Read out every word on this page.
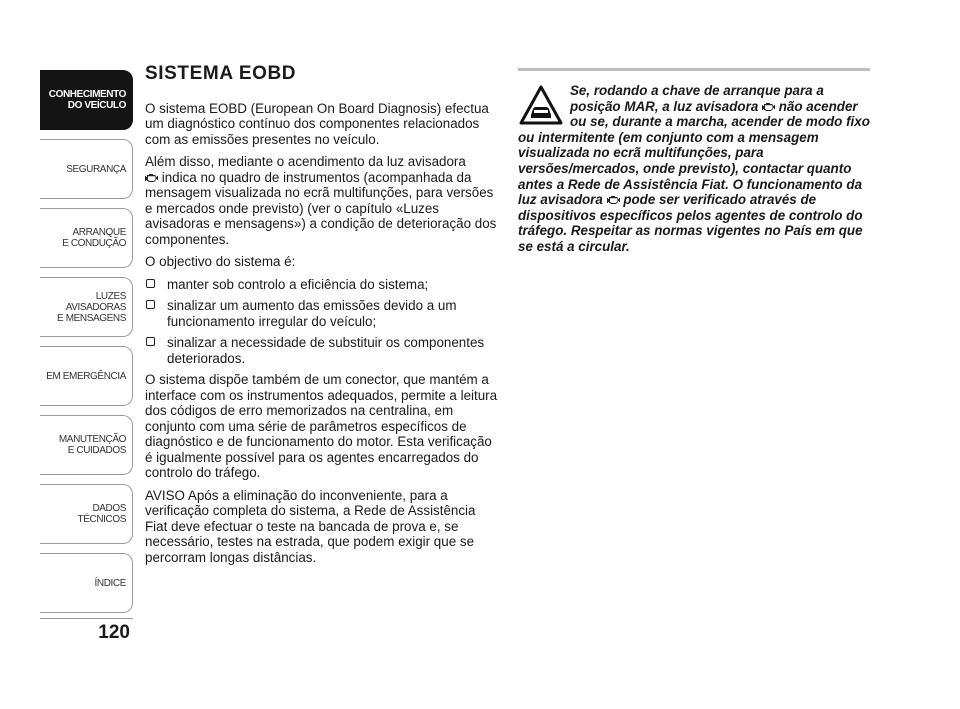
CONHECIMENTO
DO VEÍCULO
SEGURANÇA
ARRANQUE
E CONDUÇÃO
LUZES
AVISADORAS
E MENSAGENS
EM EMERGÊNCIA
MANUTENÇÃO
E CUIDADOS
DADOS
TÉCNICOS
ÍNDICE
120
SISTEMA EOBD

O sistema EOBD (European On Board Diagnosis) efectua um diagnóstico contínuo dos componentes relacionados com as emissões presentes no veículo.

Além disso, mediante o acendimento da luz avisadora
indica no quadro de instrumentos (acompanhada da mensagem visualizada no ecrã multifunções, para versões e mercados onde previsto) (ver o capítulo «Luzes avisadoras e mensagens») a condição de deterioração dos componentes.

O objectivo do sistema é:

manter sob controlo a eficiência do sistema;
sinalizar um aumento das emissões devido a um funcionamento irregular do veículo;
sinalizar a necessidade de substituir os componentes deteriorados.

O sistema dispõe também de um conector, que mantém a interface com os instrumentos adequados, permite a leitura dos códigos de erro memorizados na centralina, em conjunto com uma série de parâmetros específicos de diagnóstico e de funcionamento do motor. Esta verificação é igualmente possível para os agentes encarregados do controlo do tráfego.

AVISO Após a eliminação do inconveniente, para a verificação completa do sistema, a Rede de Assistência Fiat deve efectuar o teste na bancada de prova e, se necessário, testes na estrada, que podem exigir que se percorram longas distâncias.

Se, rodando a chave de arranque para a posição MAR, a luz avisadora não acender ou se, durante a marcha, acender de modo fixo ou intermitente (em conjunto com a mensagem visualizada no ecrã multifunções, para versões/mercados, onde previsto), contactar quanto antes a Rede de Assistência Fiat. O funcionamento da luz avisadora pode ser verificado através de dispositivos específicos pelos agentes de controlo do tráfego. Respeitar as normas vigentes no País em que se está a circular.
